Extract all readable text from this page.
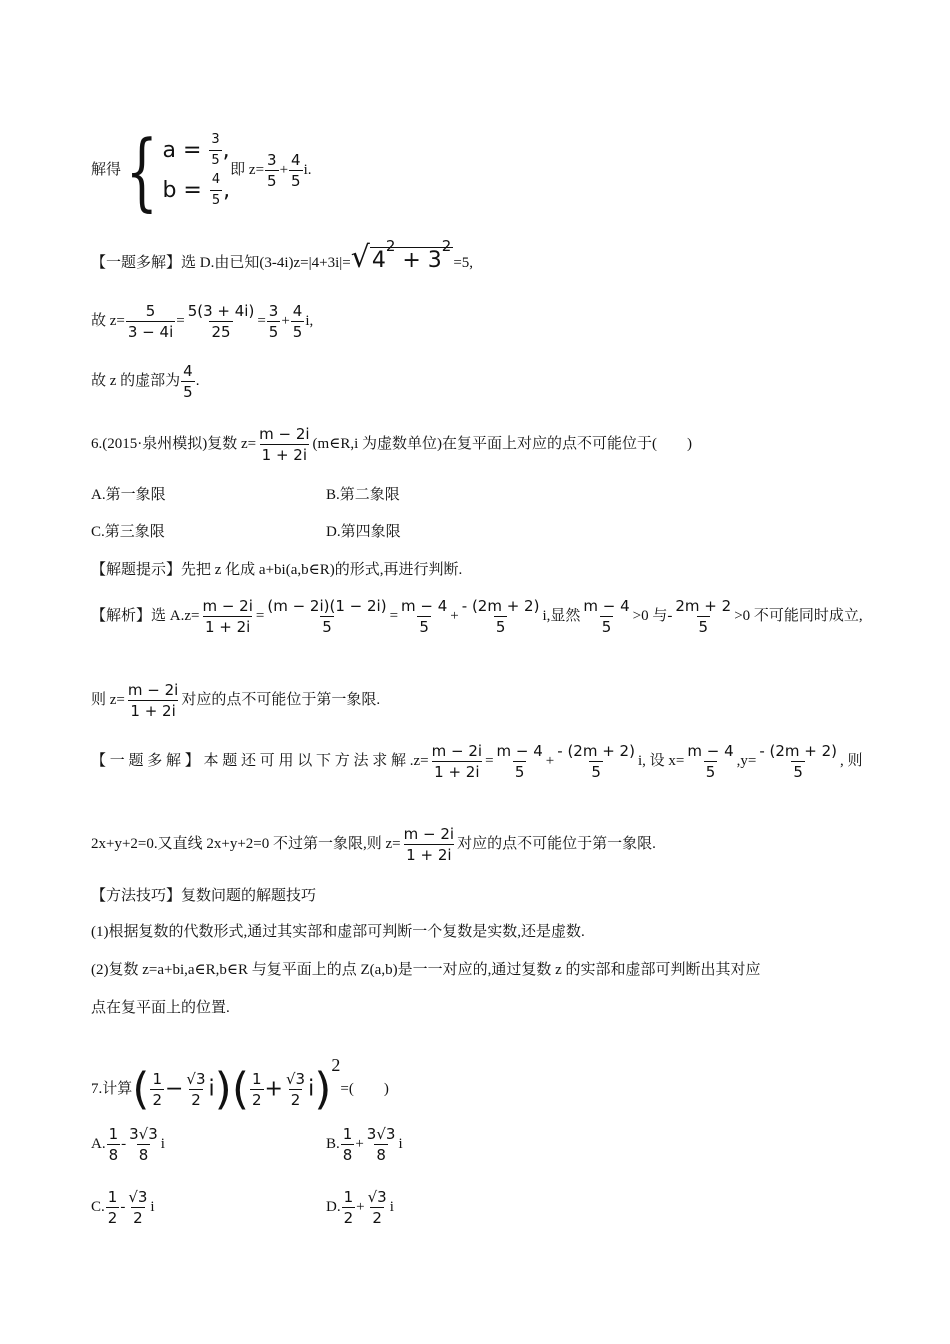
解得{ a =
$\frac{3}{5}$ ,
b =
$\frac{4}{5}$ ,
即 $z= \frac{3}{5} + \frac{4}{5} i$.
【一题多解】选 D.由已知$(3-4i)z=|4+3i|=√4^2 + 3^2=5$,
故 $z= \frac{5}{3 - 4i} = \frac{5(3 + 4i)}{25} = \frac{3}{5} + \frac{4}{5} i$,
故 z 的虚部为 $\frac{4}{5}$ .
6.(2015·泉州模拟)复数 $z= \frac{m - 2i}{1 + 2i}$ (m∈R,i 为虚数单位)在复平面上对应的点不可能位于(　　)
A.第一象限	B.第二象限
C.第三象限	D.第四象限
【解题提示】先把 z 化成 a+bi(a,b∈R)的形式,再进行判断.
【解析】选 $A.z= \frac{m - 2i}{1 + 2i} = \frac{(m - 2i)(1 - 2i)}{5} = \frac{m - 4}{5} + \frac{- (2m + 2)}{5} i$,显然 $\frac{m - 4}{5} >0$ 与- $\frac{2m + 2}{5} >0$ 不可能同时成立,
则 $z= \frac{m - 2i}{1 + 2i}$ 对应的点不可能位于第一象限.
【 一 题 多 解 】 本 题 还 可 用 以 下 方 法 求 解 $.z= \frac{m - 2i}{1 + 2i} = \frac{m - 4}{5} + \frac{- (2m + 2)}{5} i$, 设 $x= \frac{m - 4}{5} ,y= \frac{- (2m + 2)}{5}$ , 则
2x+y+2=0.又直线 2x+y+2=0 不过第一象限,则 $z= \frac{m - 2i}{1 + 2i}$ 对应的点不可能位于第一象限.
【方法技巧】复数问题的解题技巧
(1)根据复数的代数形式,通过其实部和虚部可判断一个复数是实数,还是虚数.
(2)复数 z=a+bi,a∈R,b∈R 与复平面上的点 Z(a,b)是一一对应的,通过复数 z 的实部和虚部可判断出其对应
点在复平面上的位置.
7.计算( $\frac{1}{2} - \frac{√3}{2} i)( \frac{1}{2} + \frac{√3}{2} i)2=$(　　)
A. $\frac{1}{8} - \frac{3√3}{8}$ i	B. $\frac{1}{8} + \frac{3√3}{8}$ i
C. $\frac{1}{2} - \frac{√3}{2}$ i	D. $\frac{1}{2} + \frac{√3}{2}$ i
